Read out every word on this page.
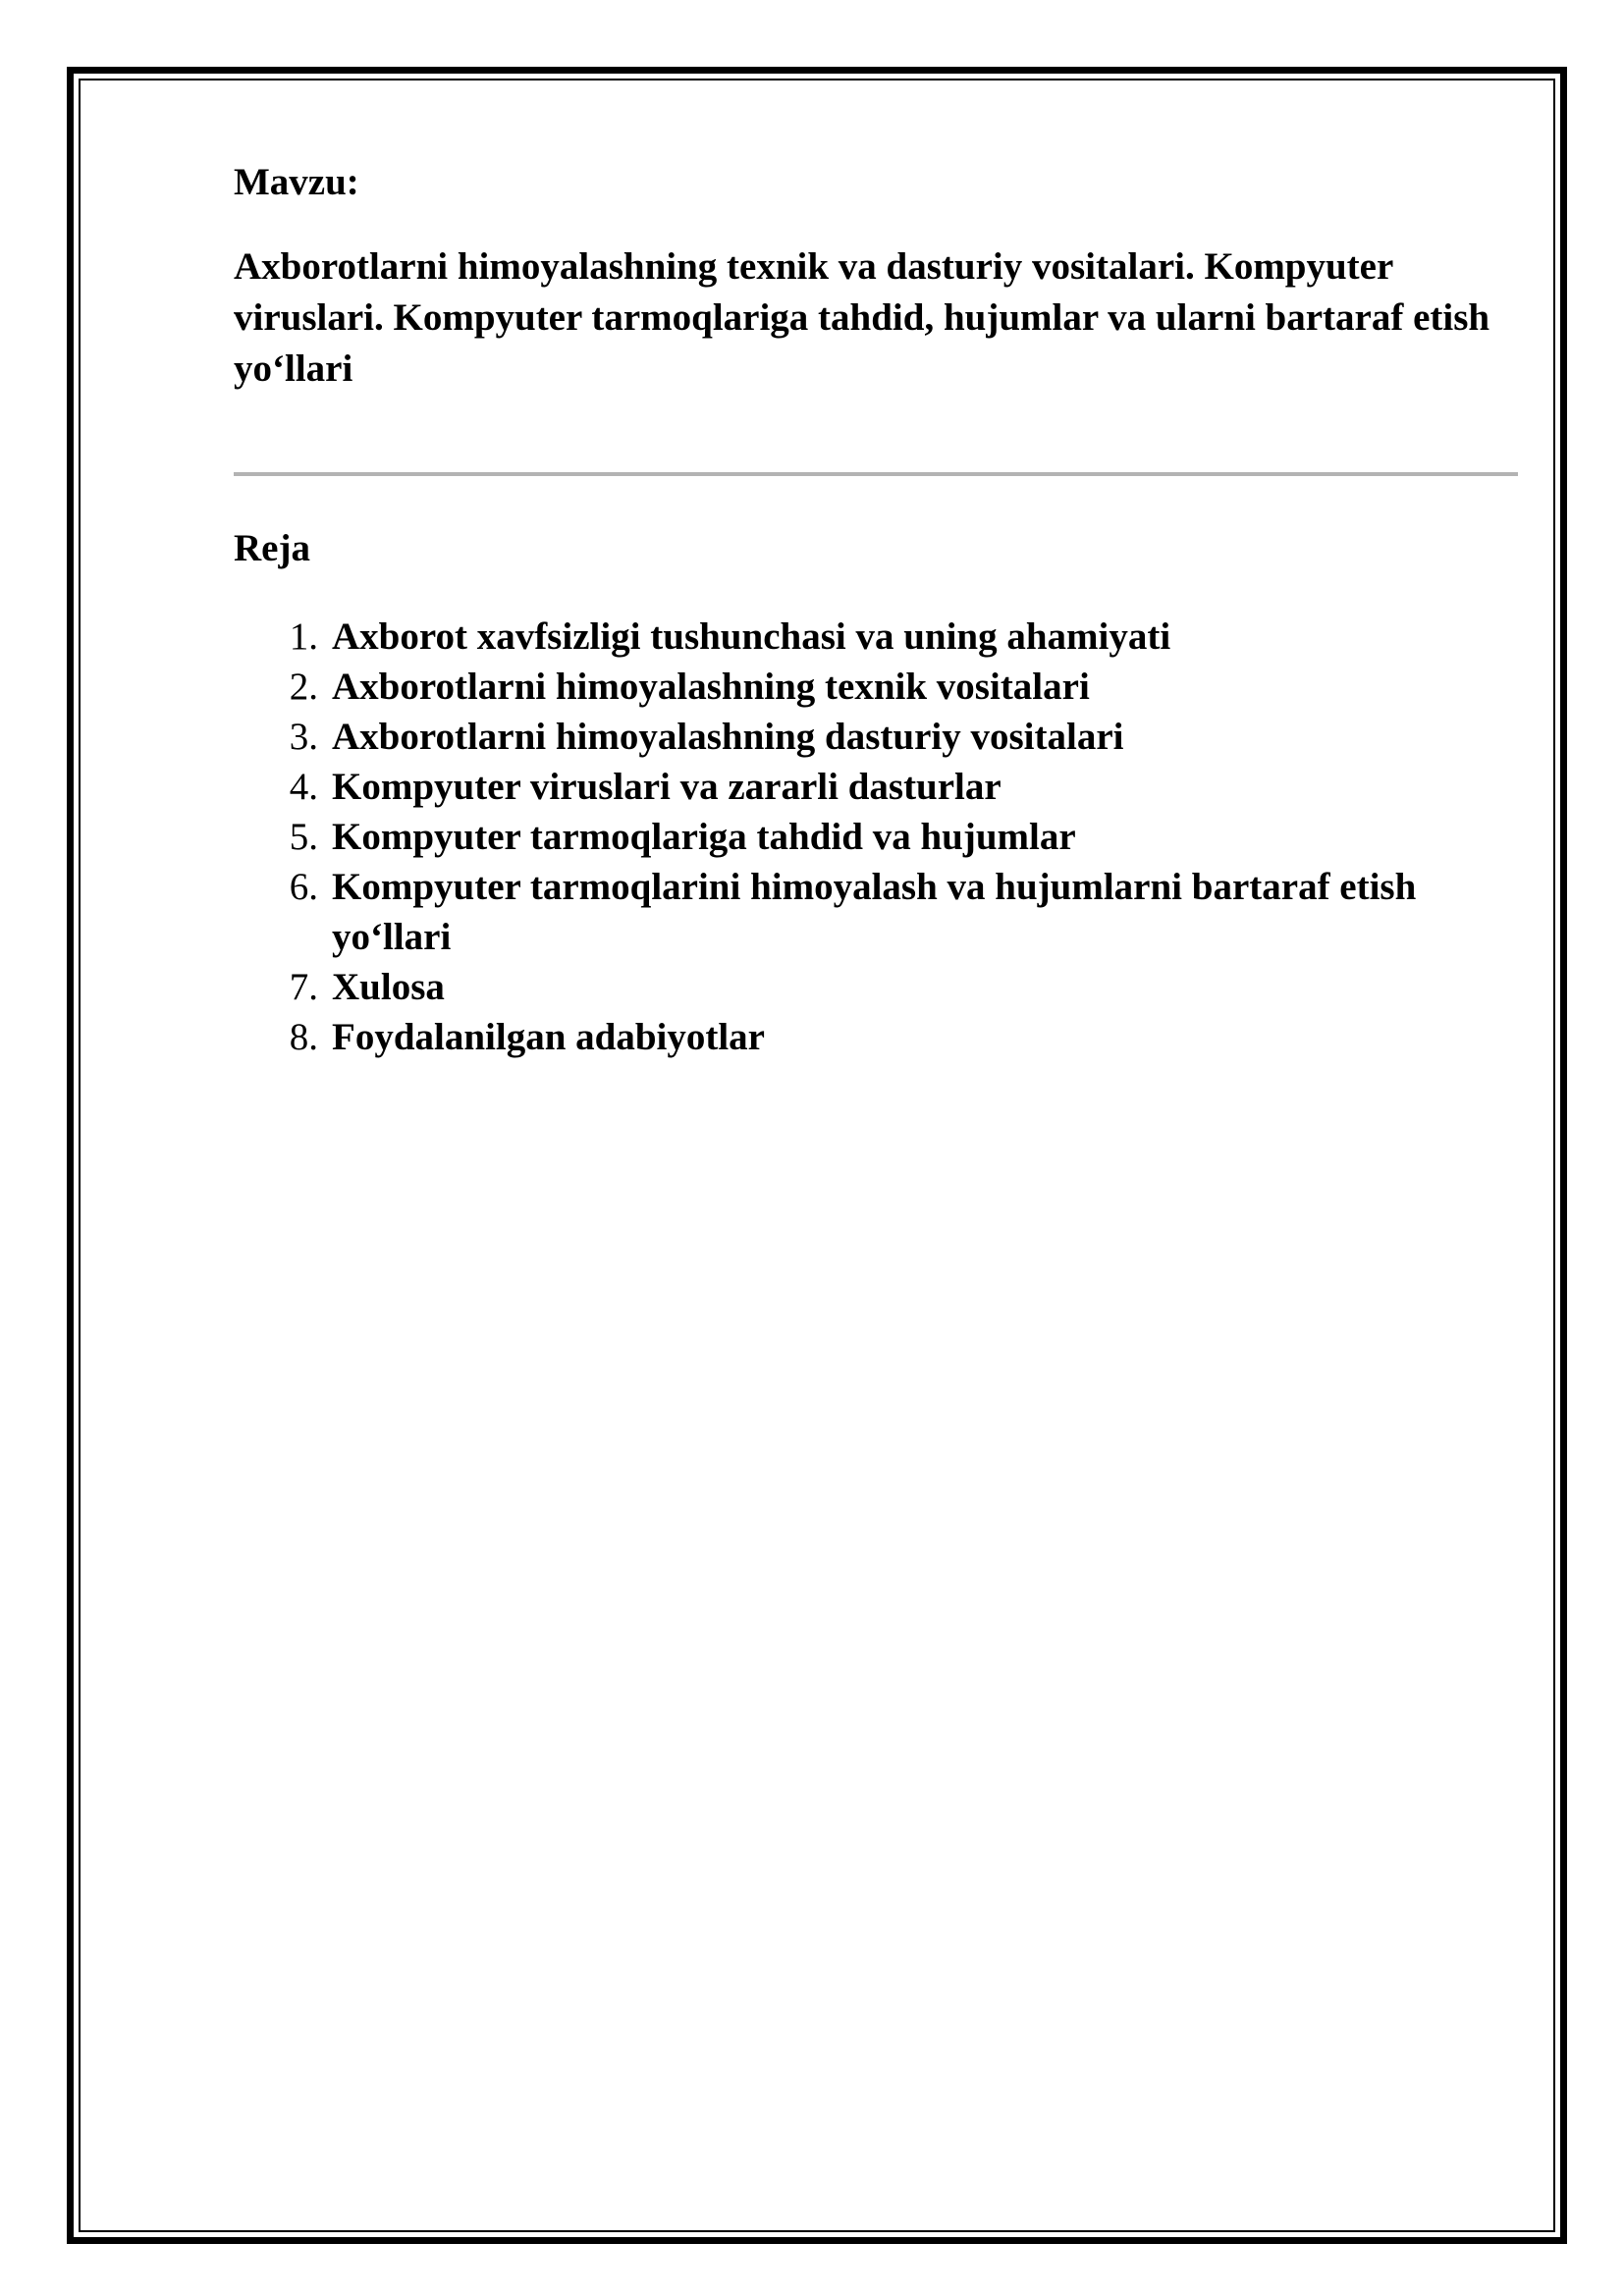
Mavzu:

Axborotlarni himoyalashning texnik va dasturiy vositalari. Kompyuter viruslari. Kompyuter tarmoqlariga tahdid, hujumlar va ularni bartaraf etish yo‘llari

Reja

1. Axborot xavfsizligi tushunchasi va uning ahamiyati
2. Axborotlarni himoyalashning texnik vositalari
3. Axborotlarni himoyalashning dasturiy vositalari
4. Kompyuter viruslari va zararli dasturlar
5. Kompyuter tarmoqlariga tahdid va hujumlar
6. Kompyuter tarmoqlarini himoyalash va hujumlarni bartaraf etish yo‘llari
7. Xulosa
8. Foydalanilgan adabiyotlar
